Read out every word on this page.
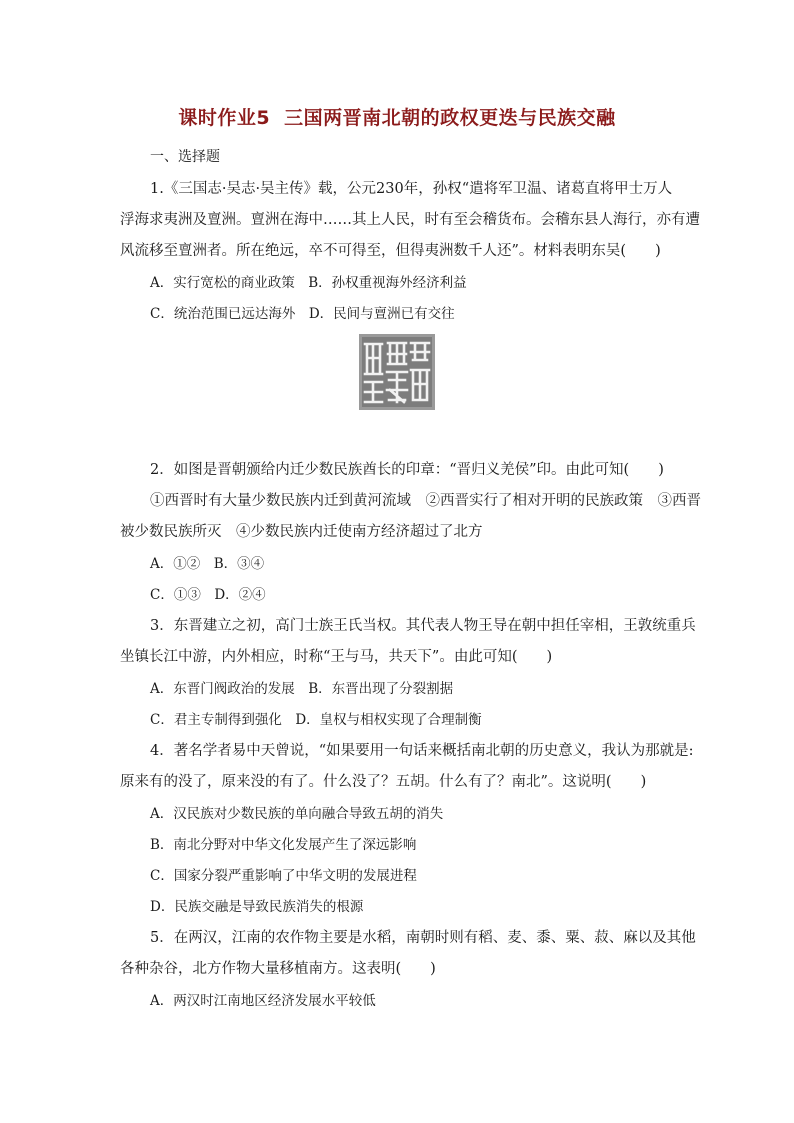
课时作业5 三国两晋南北朝的政权更迭与民族交融
一、选择题
1.《三国志·吴志·吴主传》载，公元230年，孙权“遣将军卫温、诸葛直将甲士万人
浮海求夷洲及亶洲。亶洲在海中……其上人民，时有至会稽货布。会稽东县人海行，亦有遭
风流移至亶洲者。所在绝远，卒不可得至，但得夷洲数千人还”。材料表明东吴(　　)
A．实行宽松的商业政策　B．孙权重视海外经济利益
C．统治范围已远达海外　D．民间与亶洲已有交往
2．如图是晋朝颁给内迁少数民族酋长的印章：“晋归义羌侯”印。由此可知(　　)
①西晋时有大量少数民族内迁到黄河流域　②西晋实行了相对开明的民族政策　③西晋
被少数民族所灭　④少数民族内迁使南方经济超过了北方
A．①②　B．③④
C．①③　D．②④
3．东晋建立之初，高门士族王氏当权。其代表人物王导在朝中担任宰相，王敦统重兵
坐镇长江中游，内外相应，时称“王与马，共天下”。由此可知(　　)
A．东晋门阀政治的发展　B．东晋出现了分裂割据
C．君主专制得到强化　D．皇权与相权实现了合理制衡
4．著名学者易中天曾说，“如果要用一句话来概括南北朝的历史意义，我认为那就是:
原来有的没了，原来没的有了。什么没了？五胡。什么有了？南北”。这说明(　　)
A．汉民族对少数民族的单向融合导致五胡的消失
B．南北分野对中华文化发展产生了深远影响
C．国家分裂严重影响了中华文明的发展进程
D．民族交融是导致民族消失的根源
5．在两汉，江南的农作物主要是水稻，南朝时则有稻、麦、黍、粟、菽、麻以及其他
各种杂谷，北方作物大量移植南方。这表明(　　)
A．两汉时江南地区经济发展水平较低
